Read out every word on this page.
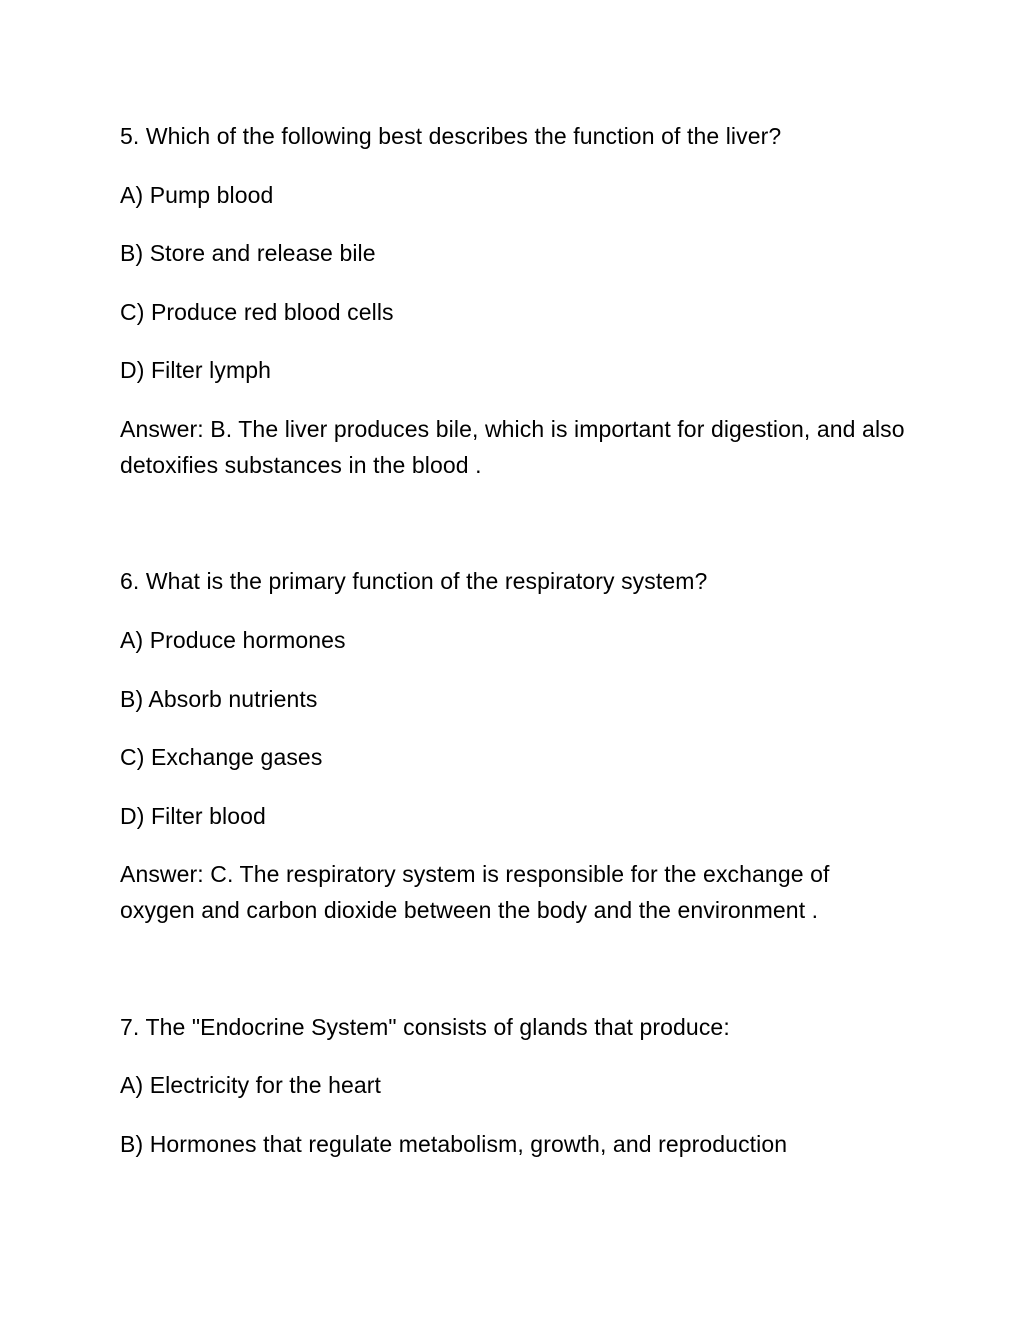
5. Which of the following best describes the function of the liver?
A) Pump blood
B) Store and release bile
C) Produce red blood cells
D) Filter lymph
Answer: B. The liver produces bile, which is important for digestion, and also detoxifies substances in the blood .
6. What is the primary function of the respiratory system?
A) Produce hormones
B) Absorb nutrients
C) Exchange gases
D) Filter blood
Answer: C. The respiratory system is responsible for the exchange of oxygen and carbon dioxide between the body and the environment .
7. The "Endocrine System" consists of glands that produce:
A) Electricity for the heart
B) Hormones that regulate metabolism, growth, and reproduction
